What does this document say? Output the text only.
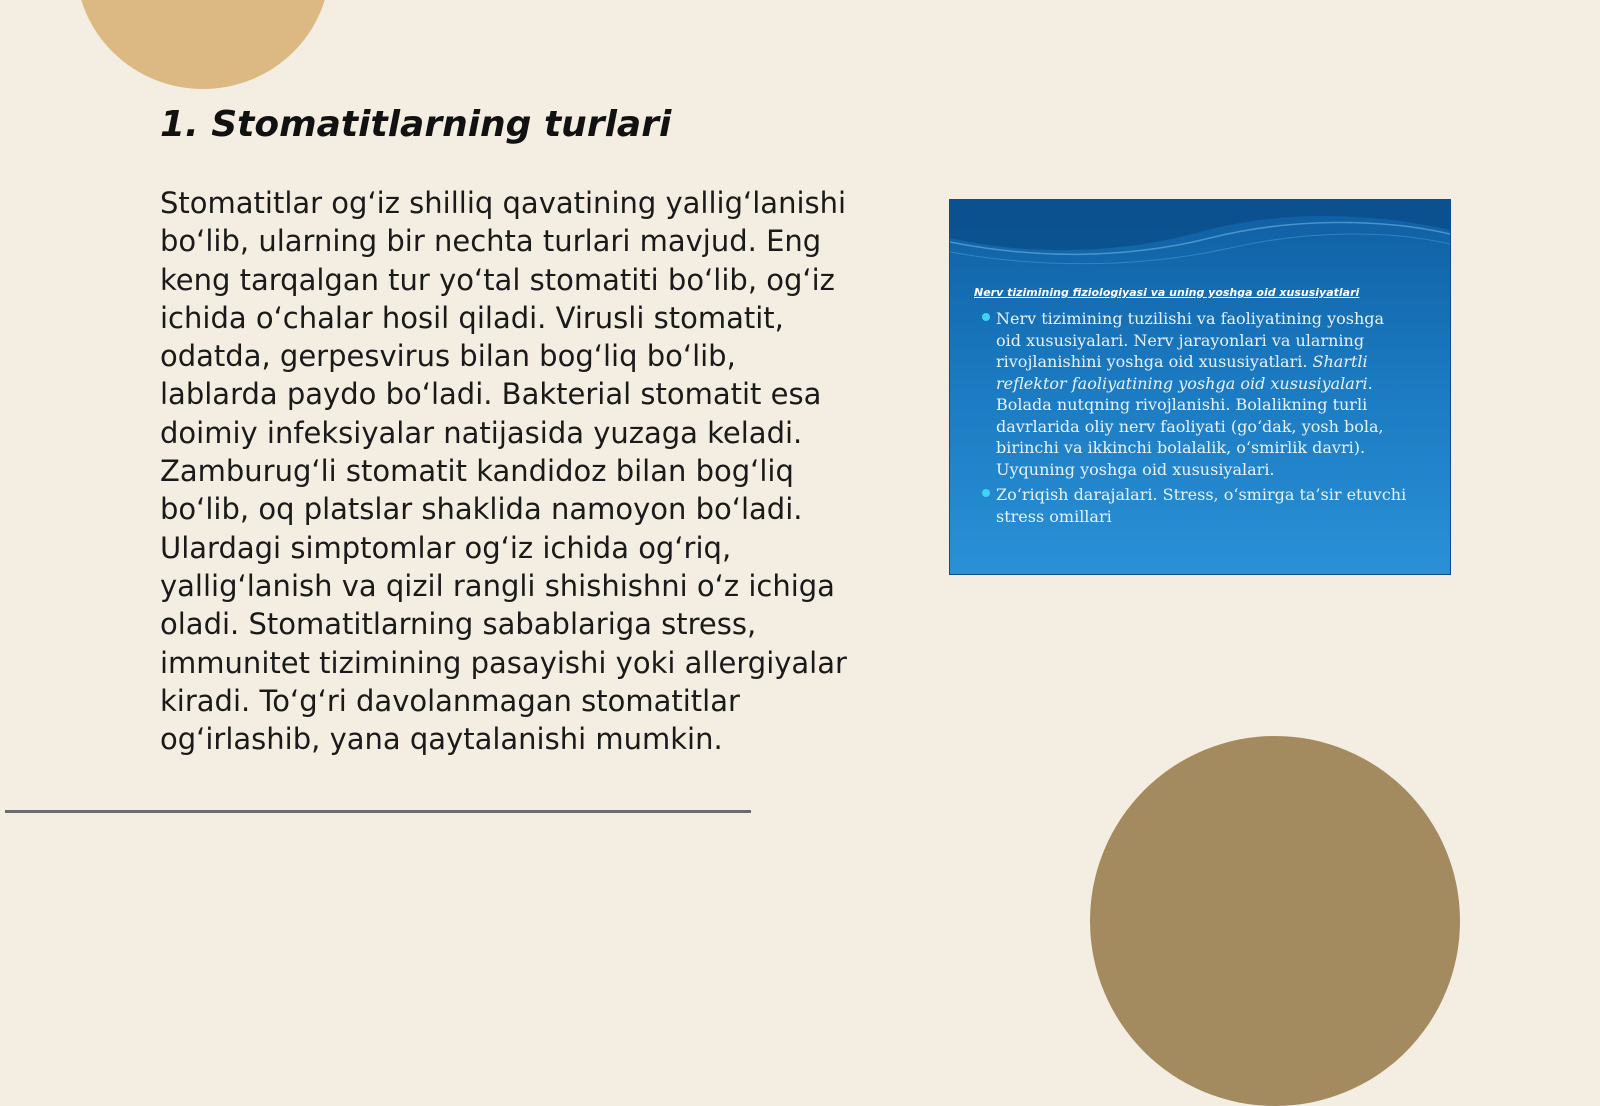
1. Stomatitlarning turlari

Stomatitlar og‘iz shilliq qavatining yallig‘lanishi bo‘lib, ularning bir nechta turlari mavjud. Eng keng tarqalgan tur yo‘tal stomatiti bo‘lib, og‘iz ichida o‘chalar hosil qiladi. Virusli stomatit, odatda, gerpesvirus bilan bog‘liq bo‘lib, lablarda paydo bo‘ladi. Bakterial stomatit esa doimiy infeksiyalar natijasida yuzaga keladi. Zamburug‘li stomatit kandidoz bilan bog‘liq bo‘lib, oq platslar shaklida namoyon bo‘ladi. Ulardagi simptomlar og‘iz ichida og‘riq, yallig‘lanish va qizil rangli shishishni o‘z ichiga oladi. Stomatitlarning sabablariga stress, immunitet tizimining pasayishi yoki allergiyalar kiradi. To‘g‘ri davolanmagan stomatitlar og‘irlashib, yana qaytalanishi mumkin.

Nerv tizimining fiziologiyasi va uning yoshga oid xususiyatlari
Nerv tizimining tuzilishi va faoliyatining yoshga oid xususiyalari. Nerv jarayonlari va ularning rivojlanishini yoshga oid xususiyatlari. Shartli reflektor faoliyatining yoshga oid xususiyalari. Bolada nutqning rivojlanishi. Bolalikning turli davrlarida oliy nerv faoliyati (go‘dak, yosh bola, birinchi va ikkinchi bolalalik, o‘smirlik davri). Uyquning yoshga oid xususiyalari.
Zo‘riqish darajalari. Stress, o‘smirga ta’sir etuvchi stress omillari
